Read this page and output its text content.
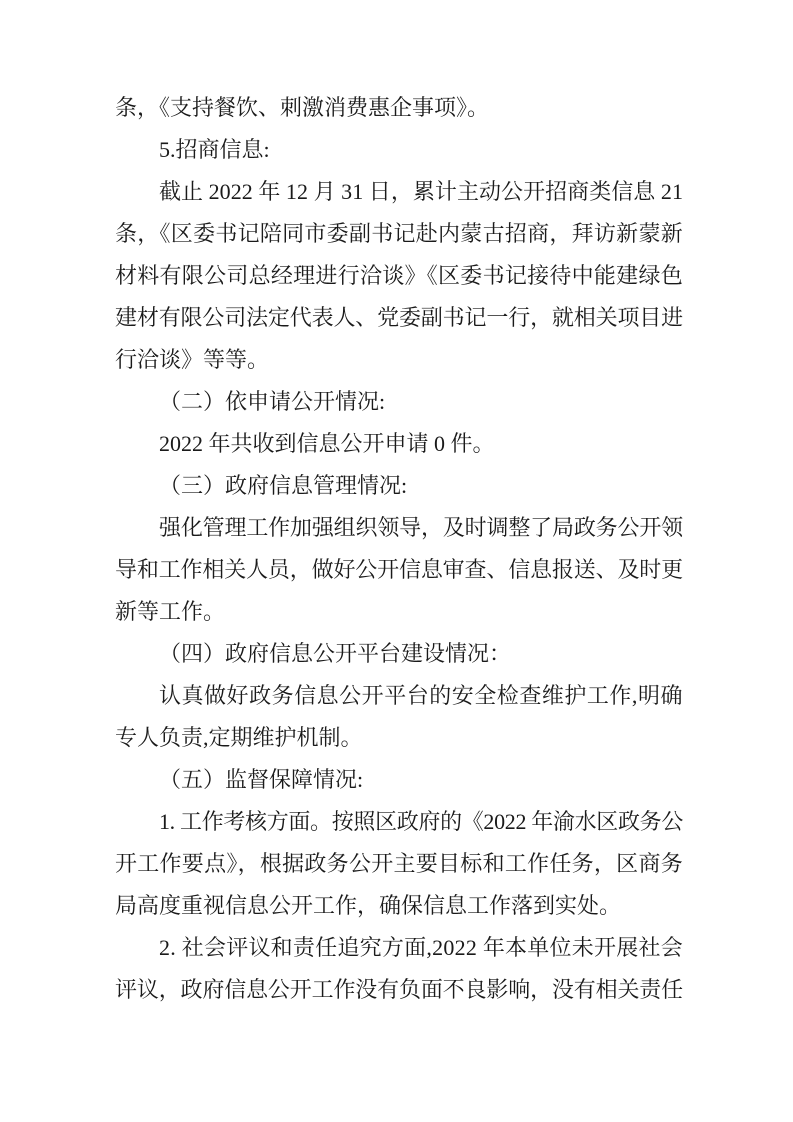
条，《支持餐饮、刺激消费惠企事项》。
5.招商信息:
截止 2022 年 12 月 31 日，累计主动公开招商类信息 21
条，《区委书记陪同市委副书记赴内蒙古招商，拜访新蒙新
材料有限公司总经理进行洽谈》《区委书记接待中能建绿色
建材有限公司法定代表人、党委副书记一行，就相关项目进
行洽谈》等等。
（二）依申请公开情况:
2022 年共收到信息公开申请 0 件。
（三）政府信息管理情况:
强化管理工作加强组织领导，及时调整了局政务公开领
导和工作相关人员，做好公开信息审查、信息报送、及时更
新等工作。
（四）政府信息公开平台建设情况：
认真做好政务信息公开平台的安全检查维护工作,明确
专人负责,定期维护机制。
（五）监督保障情况:
1. 工作考核方面。按照区政府的《2022 年渝水区政务公
开工作要点》，根据政务公开主要目标和工作任务，区商务
局高度重视信息公开工作，确保信息工作落到实处。
2. 社会评议和责任追究方面,2022 年本单位未开展社会
评议，政府信息公开工作没有负面不良影响，没有相关责任
